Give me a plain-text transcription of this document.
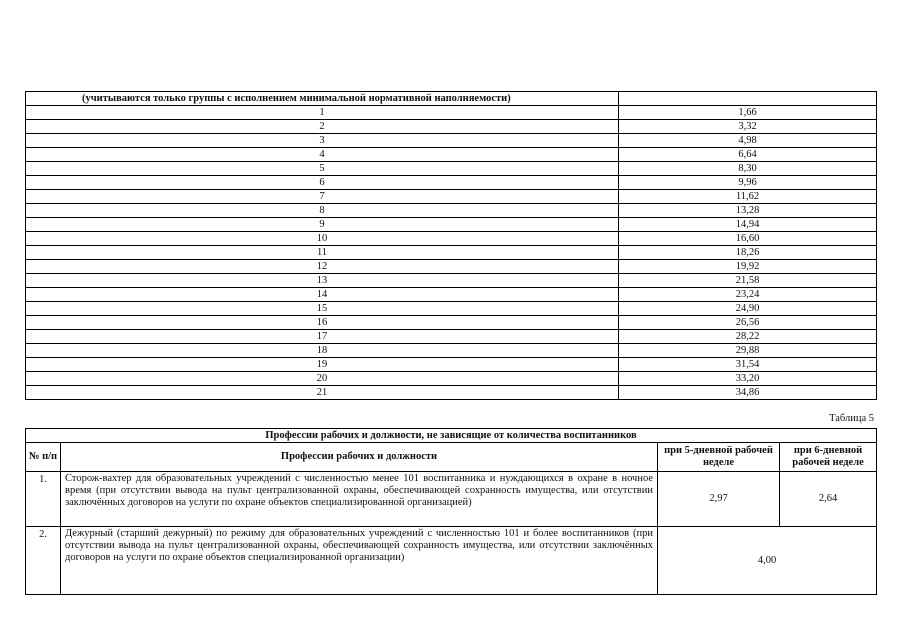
(учитываются только группы с исполнением минимальной нормативной наполняемости)	
1	1,66
2	3,32
3	4,98
4	6,64
5	8,30
6	9,96
7	11,62
8	13,28
9	14,94
10	16,60
11	18,26
12	19,92
13	21,58
14	23,24
15	24,90
16	26,56
17	28,22
18	29,88
19	31,54
20	33,20
21	34,86
Таблица 5
Профессии рабочих и должности, не зависящие от количества воспитанников			
№ п/п	Профессии рабочих и должности	при 5-дневной рабочей неделе	при 6-дневной рабочей неделе
1.	Сторож-вахтер для образовательных учреждений с численностью менее 101 воспитанника и нуждающихся в охране в ночное время (при отсутствии вывода на пульт централизованной охраны, обеспечивающей сохранность имущества, или отсутствии заключённых договоров на услуги по охране объектов специализированной организацией)	2,97	2,64
2.	Дежурный (старший дежурный) по режиму для образовательных учреждений с численностью 101 и более воспитанников (при отсутствии вывода на пульт централизованной охраны, обеспечивающей сохранность имущества, или отсутствии заключённых договоров на услуги по охране объектов специализированной организации)	4,00	
